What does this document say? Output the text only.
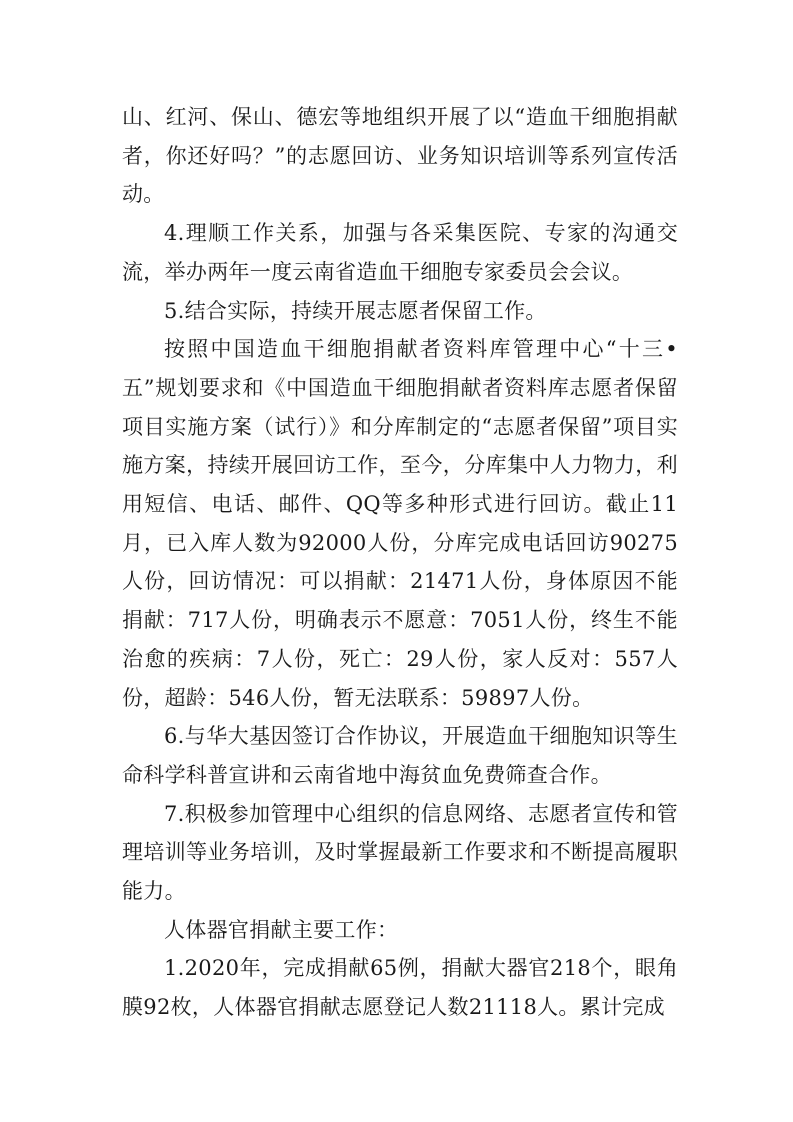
山、红河、保山、德宏等地组织开展了以“造血干细胞捐献者，你还好吗？”的志愿回访、业务知识培训等系列宣传活动。

4.理顺工作关系，加强与各采集医院、专家的沟通交流，举办两年一度云南省造血干细胞专家委员会会议。

5.结合实际，持续开展志愿者保留工作。

按照中国造血干细胞捐献者资料库管理中心“十三•五”规划要求和《中国造血干细胞捐献者资料库志愿者保留项目实施方案（试行）》和分库制定的“志愿者保留”项目实施方案，持续开展回访工作，至今，分库集中人力物力，利用短信、电话、邮件、QQ等多种形式进行回访。截止11月，已入库人数为92000人份，分库完成电话回访90275人份，回访情况：可以捐献：21471人份，身体原因不能捐献：717人份，明确表示不愿意：7051人份，终生不能治愈的疾病：7人份，死亡：29人份，家人反对：557人份，超龄：546人份，暂无法联系：59897人份。

6.与华大基因签订合作协议，开展造血干细胞知识等生命科学科普宣讲和云南省地中海贫血免费筛查合作。

7.积极参加管理中心组织的信息网络、志愿者宣传和管理培训等业务培训，及时掌握最新工作要求和不断提高履职能力。

人体器官捐献主要工作：

1.2020年，完成捐献65例，捐献大器官218个，眼角膜92枚，人体器官捐献志愿登记人数21118人。累计完成
